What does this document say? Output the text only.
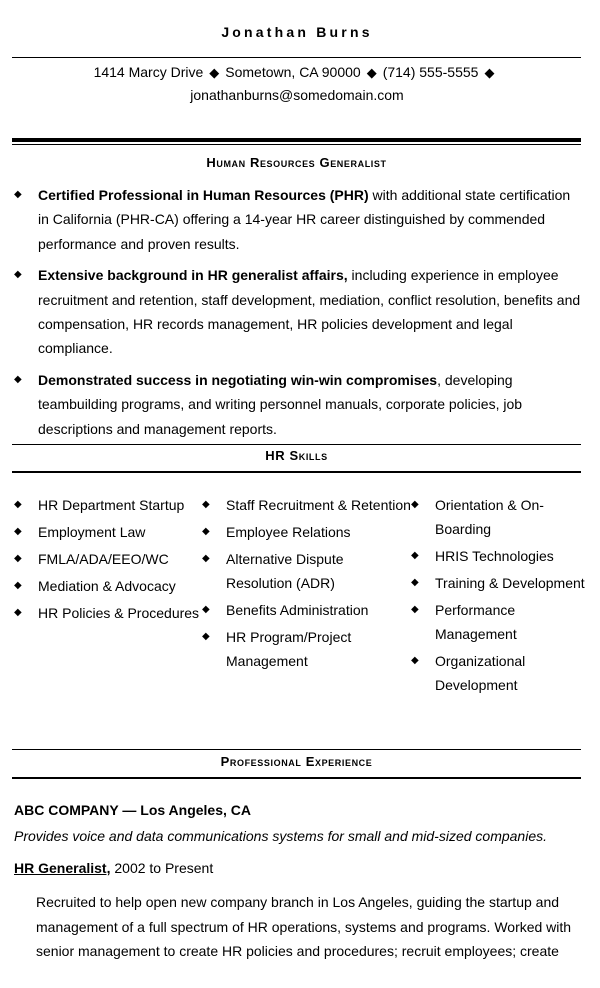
Jonathan Burns
1414 Marcy Drive ◆ Sometown, CA 90000 ◆ (714) 555-5555 ◆
jonathanburns@somedomain.com
Human Resources Generalist
◆ Certified Professional in Human Resources (PHR) with additional state certification in California (PHR-CA) offering a 14-year HR career distinguished by commended performance and proven results.
◆ Extensive background in HR generalist affairs, including experience in employee recruitment and retention, staff development, mediation, conflict resolution, benefits and compensation, HR records management, HR policies development and legal compliance.
◆ Demonstrated success in negotiating win-win compromises, developing teambuilding programs, and writing personnel manuals, corporate policies, job descriptions and management reports.
HR Skills
◆ HR Department Startup
◆ Employment Law
◆ FMLA/ADA/EEO/WC
◆ Mediation & Advocacy
◆ HR Policies & Procedures
◆ Staff Recruitment & Retention
◆ Employee Relations
◆ Alternative Dispute Resolution (ADR)
◆ Benefits Administration
◆ HR Program/Project Management
◆ Orientation & On-Boarding
◆ HRIS Technologies
◆ Training & Development
◆ Performance Management
◆ Organizational Development
Professional Experience
ABC COMPANY — Los Angeles, CA
Provides voice and data communications systems for small and mid-sized companies.
HR Generalist, 2002 to Present
Recruited to help open new company branch in Los Angeles, guiding the startup and management of a full spectrum of HR operations, systems and programs. Worked with senior management to create HR policies and procedures; recruit employees; create
